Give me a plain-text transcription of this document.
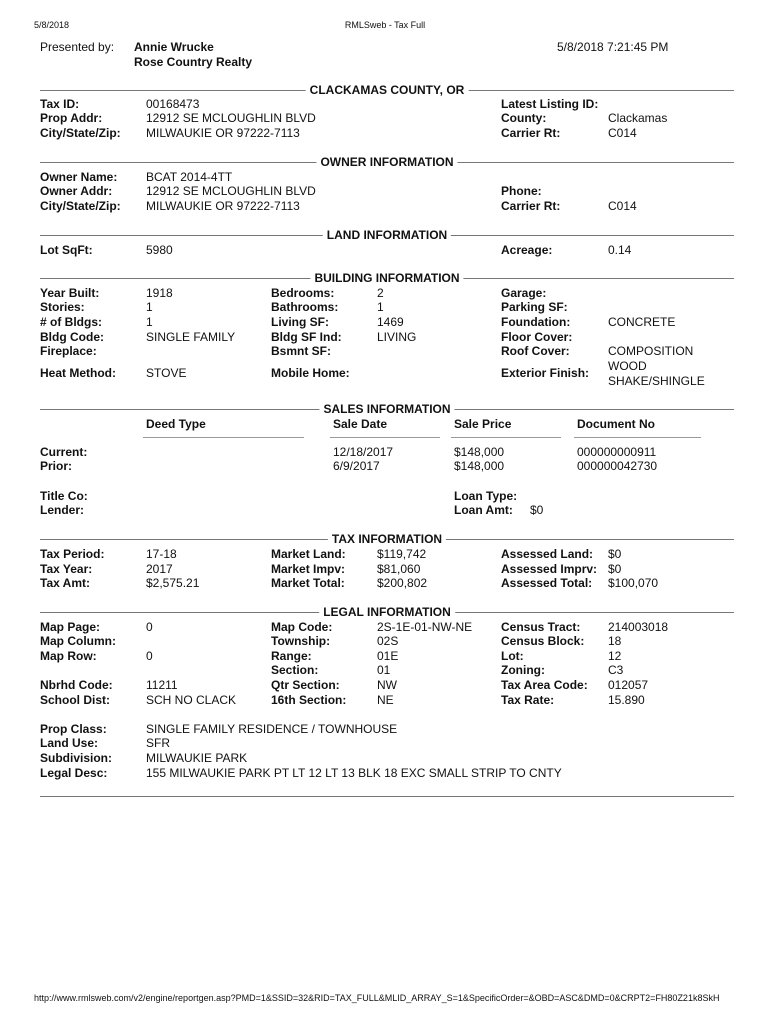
5/8/2018	RMLSweb - Tax Full
Presented by: Annie Wrucke
Rose Country Realty
5/8/2018 7:21:45 PM
CLACKAMAS COUNTY, OR
Tax ID:	00168473
Prop Addr:	12912 SE MCLOUGHLIN BLVD
City/State/Zip: MILWAUKIE OR 97222-7113
Latest Listing ID:
County:	Clackamas
Carrier Rt:	C014
OWNER INFORMATION
Owner Name: BCAT 2014-4TT
Owner Addr:	12912 SE MCLOUGHLIN BLVD
City/State/Zip: MILWAUKIE OR 97222-7113
Phone:
Carrier Rt:	C014
LAND INFORMATION
Lot SqFt:	5980	Acreage:	0.14
BUILDING INFORMATION
Year Built:	1918
Stories:	1
# of Bldgs:	1
Bldg Code:	SINGLE FAMILY
Fireplace:
Heat Method:	STOVE
Bedrooms:	2
Bathrooms:	1
Living SF:	1469
Bldg SF Ind:	LIVING
Bsmnt SF:
Mobile Home:
Garage:
Parking SF:
Foundation:	CONCRETE
Floor Cover:
Roof Cover:	COMPOSITION
Exterior Finish: WOOD
SHAKE/SHINGLE
SALES INFORMATION
Deed Type	Sale Date	Sale Price	Document No
Current:	12/18/2017	$148,000	000000000911
Prior:	6/9/2017	$148,000	000000042730
Title Co:
Lender:
Loan Type:
Loan Amt: $0
TAX INFORMATION
Tax Period:	17-18
Tax Year:	2017
Tax Amt:	$2,575.21
Market Land:	$119,742
Market Impv:	$81,060
Market Total:	$200,802
Assessed Land: $0
Assessed Imprv: $0
Assessed Total: $100,070
LEGAL INFORMATION
Map Page:	0
Map Column:
Map Row:	0
Nbrhd Code:	11211
School Dist:	SCH NO CLACK
Map Code:	2S-1E-01-NW-NE
Township:	02S
Range:	01E
Section:	01
Qtr Section:	NW
16th Section:	NE
Census Tract: 214003018
Census Block: 18
Lot:	12
Zoning:	C3
Tax Area Code: 012057
Tax Rate:	15.890
Prop Class:	SINGLE FAMILY RESIDENCE / TOWNHOUSE
Land Use:	SFR
Subdivision:	MILWAUKIE PARK
Legal Desc:	155 MILWAUKIE PARK PT LT 12 LT 13 BLK 18 EXC SMALL STRIP TO CNTY
http://www.rmlsweb.com/v2/engine/reportgen.asp?PMD=1&SSID=32&RID=TAX_FULL&MLID_ARRAY_S=1&SpecificOrder=&OBD=ASC&DMD=0&CRPT2=FH80Z21k8SkH
